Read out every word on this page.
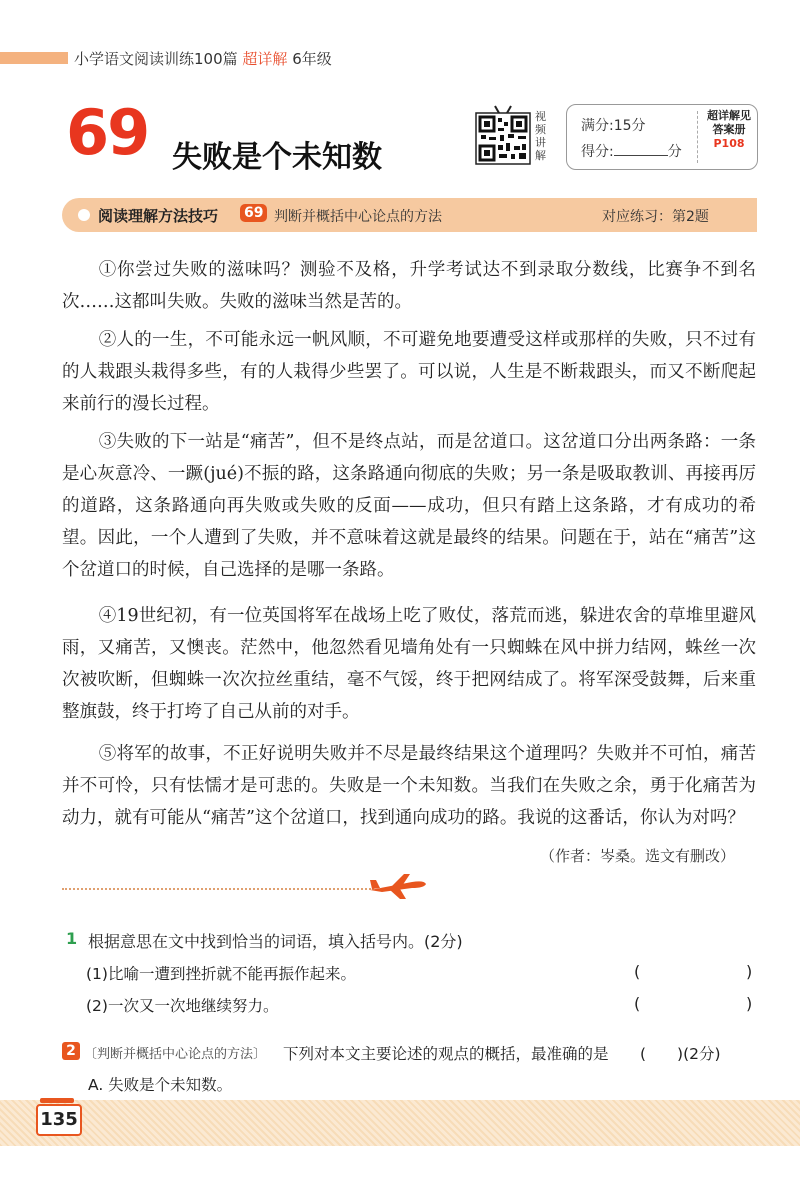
小学语文阅读训练100篇 超详解 6年级
69 失败是个未知数
视频讲解
满分:15分
得分:	分
超详解见
答案册
P108
阅读理解方法技巧 69 判断并概括中心论点的方法	对应练习：第2题
①你尝过失败的滋味吗？测验不及格，升学考试达不到录取分数线，比赛争不到名次……这都叫失败。失败的滋味当然是苦的。
②人的一生，不可能永远一帆风顺，不可避免地要遭受这样或那样的失败，只不过有的人栽跟头栽得多些，有的人栽得少些罢了。可以说，人生是不断栽跟头，而又不断爬起来前行的漫长过程。
③失败的下一站是“痛苦”，但不是终点站，而是岔道口。这岔道口分出两条路：一条是心灰意冷、一蹶(jué)不振的路，这条路通向彻底的失败；另一条是吸取教训、再接再厉的道路，这条路通向再失败或失败的反面——成功，但只有踏上这条路，才有成功的希望。因此，一个人遭到了失败，并不意味着这就是最终的结果。问题在于，站在“痛苦”这个岔道口的时候，自己选择的是哪一条路。
④19世纪初，有一位英国将军在战场上吃了败仗，落荒而逃，躲进农舍的草堆里避风雨，又痛苦，又懊丧。茫然中，他忽然看见墙角处有一只蜘蛛在风中拼力结网，蛛丝一次次被吹断，但蜘蛛一次次拉丝重结，毫不气馁，终于把网结成了。将军深受鼓舞，后来重整旗鼓，终于打垮了自己从前的对手。
⑤将军的故事，不正好说明失败并不尽是最终结果这个道理吗？失败并不可怕，痛苦并不可怜，只有怯懦才是可悲的。失败是一个未知数。当我们在失败之余，勇于化痛苦为动力，就有可能从“痛苦”这个岔道口，找到通向成功的路。我说的这番话，你认为对吗？
（作者：岑桑。选文有删改）
1 根据意思在文中找到恰当的词语，填入括号内。(2分)
(1)比喻一遭到挫折就不能再振作起来。	(	)
(2)一次又一次地继续努力。	(	)
2 〔判断并概括中心论点的方法〕 下列对本文主要论述的观点的概括，最准确的是 (　　)(2分)
A. 失败是个未知数。
135
